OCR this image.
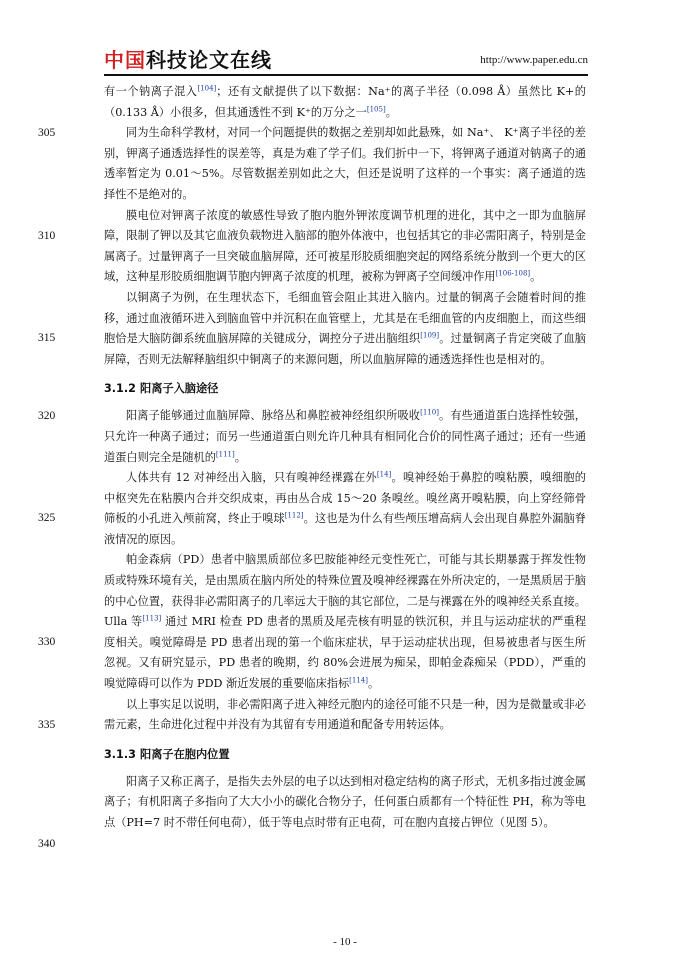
中国科技论文在线	http://www.paper.edu.cn

有一个钠离子混入[104]；还有文献提供了以下数据：Na⁺的离子半径（0.098 Å）虽然比 K+的（0.133 Å）小很多，但其通透性不到 K⁺的万分之一[105]。

305	同为生命科学教材，对同一个问题提供的数据之差别却如此悬殊，如 Na⁺、 K⁺离子半径的差别，钾离子通透选择性的误差等，真是为难了学子们。我们折中一下，将钾离子通道对钠离子的通透率暂定为 0.01～5%。尽管数据差别如此之大，但还是说明了这样的一个事实：离子通道的选择性不是绝对的。

310
膜电位对钾离子浓度的敏感性导致了胞内胞外钾浓度调节机理的进化，其中之一即为血脑屏障，限制了钾以及其它血液负载物进入脑部的胞外体液中，也包括其它的非必需阳离子，特别是金属离子。过量钾离子一旦突破血脑屏障，还可被星形胶质细胞突起的网络系统分散到一个更大的区域，这种星形胶质细胞调节胞内钾离子浓度的机理，被称为钾离子空间缓冲作用[106-108]。

315
以铜离子为例，在生理状态下，毛细血管会阻止其进入脑内。过量的铜离子会随着时间的推移，通过血液循环进入到脑血管中并沉积在血管壁上，尤其是在毛细血管的内皮细胞上，而这些细胞恰是大脑防御系统血脑屏障的关键成分，调控分子进出脑组织[109]。过量铜离子肯定突破了血脑屏障，否则无法解释脑组织中铜离子的来源问题，所以血脑屏障的通透选择性也是相对的。

3.1.2 阳离子入脑途径

320	阳离子能够通过血脑屏障、脉络丛和鼻腔被神经组织所吸收[110]。有些通道蛋白选择性较强，只允许一种离子通过；而另一些通道蛋白则允许几种具有相同化合价的同性离子通过；还有一些通道蛋白则完全是随机的[111]。

325
人体共有 12 对神经出入脑，只有嗅神经裸露在外[14]。嗅神经始于鼻腔的嗅粘膜，嗅细胞的中枢突先在粘膜内合并交织成束，再由丛合成 15～20 条嗅丝。嗅丝离开嗅粘膜，向上穿经筛骨筛板的小孔进入颅前窝，终止于嗅球[112]。这也是为什么有些颅压增高病人会出现自鼻腔外漏脑脊液情况的原因。

330
帕金森病（PD）患者中脑黑质部位多巴胺能神经元变性死亡，可能与其长期暴露于挥发性物质或特殊环境有关，是由黑质在脑内所处的特殊位置及嗅神经裸露在外所决定的，一是黑质居于脑的中心位置，获得非必需阳离子的几率远大于脑的其它部位，二是与裸露在外的嗅神经关系直接。Ulla 等[113] 通过 MRI 检查 PD 患者的黑质及尾壳核有明显的铁沉积，并且与运动症状的严重程度相关。嗅觉障碍是 PD 患者出现的第一个临床症状，早于运动症状出现，但易被患者与医生所忽视。又有研究显示，PD 患者的晚期，约 80%会进展为痴呆，即帕金森痴呆（PDD），严重的嗅觉障碍可以作为 PDD 渐近发展的重要临床指标[114]。

335
以上事实足以说明，非必需阳离子进入神经元胞内的途径可能不只是一种，因为是微量或非必需元素，生命进化过程中并没有为其留有专用通道和配备专用转运体。

3.1.3 阳离子在胞内位置

340
阳离子又称正离子，是指失去外层的电子以达到相对稳定结构的离子形式，无机多指过渡金属离子；有机阳离子多指向了大大小小的碳化合物分子，任何蛋白质都有一个特征性 PH，称为等电点（PH=7 时不带任何电荷），低于等电点时带有正电荷，可在胞内直接占钾位（见图 5）。

- 10 -
